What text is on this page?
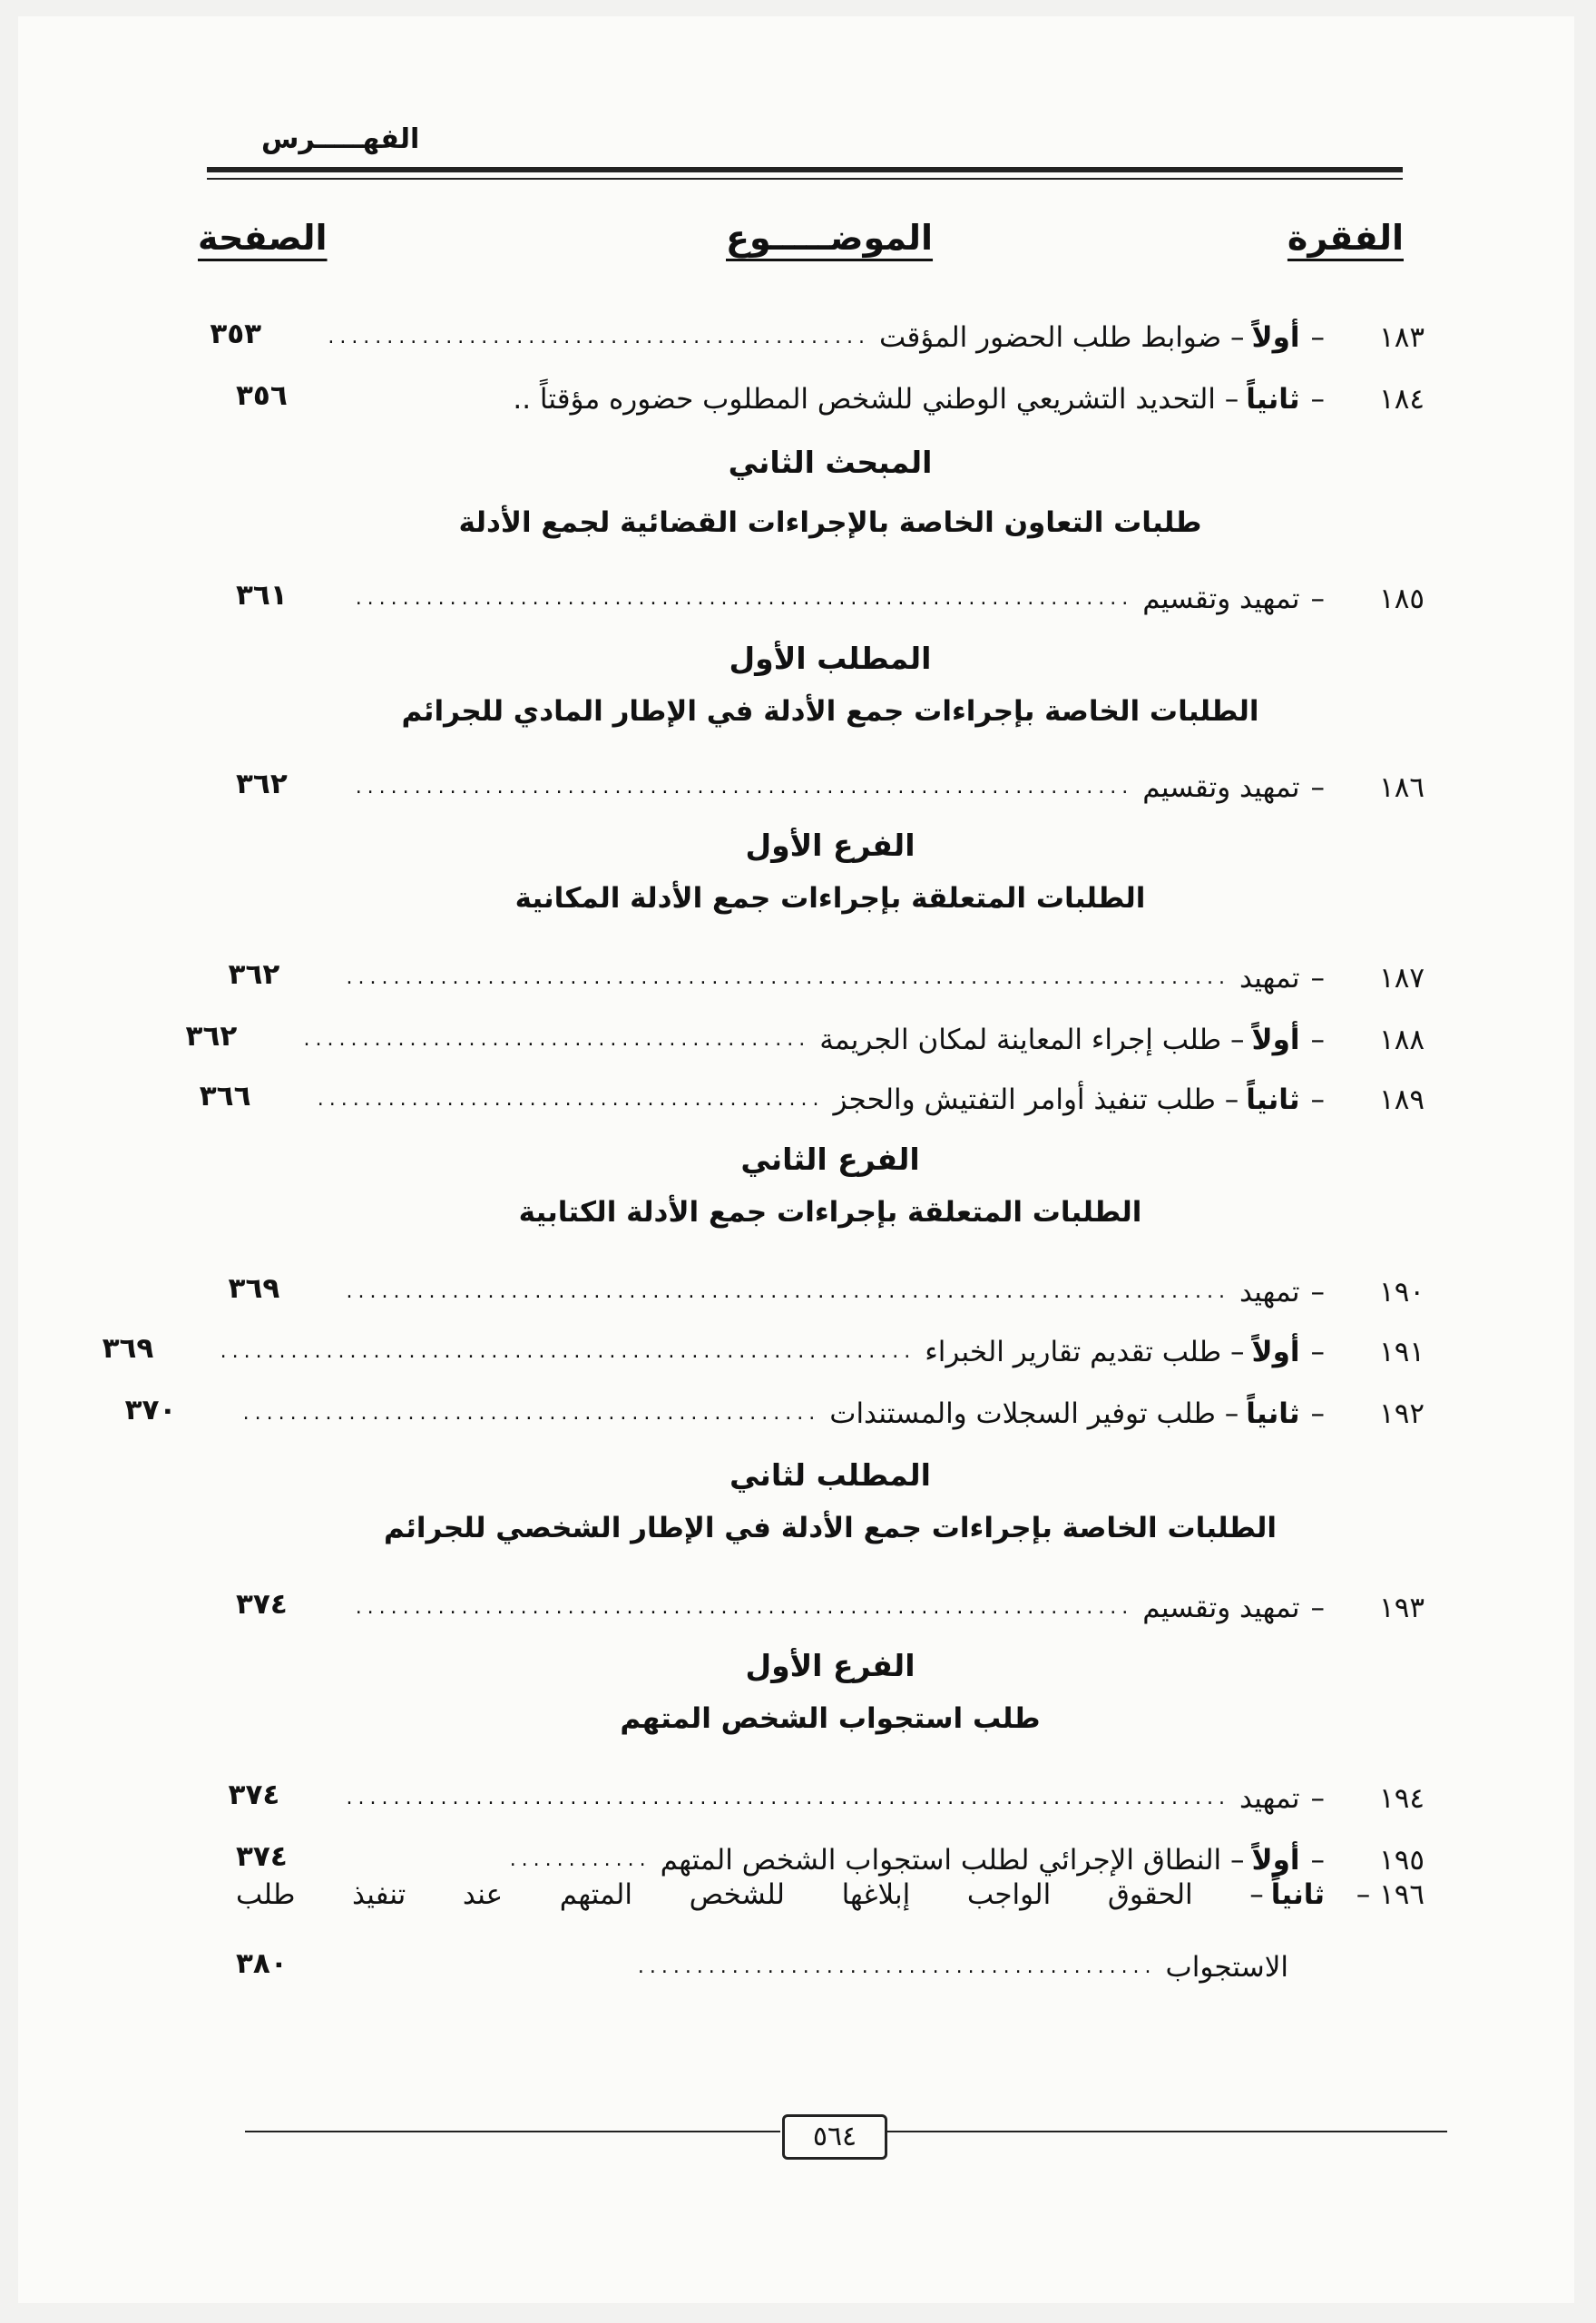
الفهـــــرس
الفقرة
الموضـــــوع
الصفحة
١٨٣
–
أولاً– ضوابط طلب الحضور المؤقت
..............................................
٣٥٣
١٨٤
–
ثانياً– التحديد التشريعي الوطني للشخص المطلوب حضوره مؤقتاً ..
٣٥٦
المبحث الثاني
طلبات التعاون الخاصة بالإجراءات القضائية لجمع الأدلة
١٨٥
–
تمهيد وتقسيم
..................................................................
٣٦١
المطلب الأول
الطلبات الخاصة بإجراءات جمع الأدلة في الإطار المادي للجرائم
١٨٦
–
تمهيد وتقسيم
..................................................................
٣٦٢
الفرع الأول
الطلبات المتعلقة بإجراءات جمع الأدلة المكانية
١٨٧
–
تمهيد
...........................................................................
٣٦٢
١٨٨
–
أولاً– طلب إجراء المعاينة لمكان الجريمة
...........................................
٣٦٢
١٨٩
–
ثانياً– طلب تنفيذ أوامر التفتيش والحجز
...........................................
٣٦٦
الفرع الثاني
الطلبات المتعلقة بإجراءات جمع الأدلة الكتابية
١٩٠
–
تمهيد
...........................................................................
٣٦٩
١٩١
–
أولاً– طلب تقديم تقارير الخبراء
...........................................................
٣٦٩
١٩٢
–
ثانياً– طلب توفير السجلات والمستندات
.................................................
٣٧٠
المطلب لثاني
الطلبات الخاصة بإجراءات جمع الأدلة في الإطار الشخصي للجرائم
١٩٣
–
تمهيد وتقسيم
..................................................................
٣٧٤
الفرع الأول
طلب استجواب الشخص المتهم
١٩٤
–
تمهيد
...........................................................................
٣٧٤
١٩٥
–
أولاً– النطاق الإجرائي لطلب استجواب الشخص المتهم
............
٣٧٤
١٩٦ –
ثانياً– الحقوق الواجب إبلاغها للشخص المتهم عند تنفيذ طلب
الاستجواب
............................................
٣٨٠
٥٦٤
